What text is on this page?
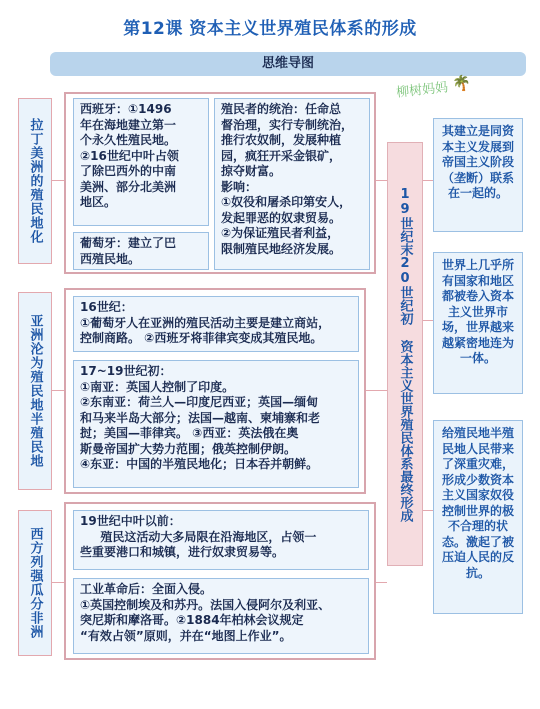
第12课 资本主义世界殖民体系的形成
思维导图
柳树妈妈 🌴
拉丁美洲的殖民地化
亚洲沦为殖民地半殖民地
西方列强瓜分非洲
西班牙：①1496
年在海地建立第一
个永久性殖民地。
②16世纪中叶占领
了除巴西外的中南
美洲、部分北美洲
地区。
葡萄牙：建立了巴
西殖民地。
殖民者的统治：任命总
督治理，实行专制统治，
推行农奴制，发展种植
园，疯狂开采金银矿，
掠夺财富。
影响：
①奴役和屠杀印第安人，
发起罪恶的奴隶贸易。
②为保证殖民者利益，
限制殖民地经济发展。
16世纪：
①葡萄牙人在亚洲的殖民活动主要是建立商站，
控制商路。 ②西班牙将菲律宾变成其殖民地。
17~19世纪初：
①南亚：英国人控制了印度。
②东南亚：荷兰人—印度尼西亚；英国—缅甸
和马来半岛大部分；法国—越南、柬埔寨和老
挝；美国—菲律宾。 ③西亚：英法俄在奥
斯曼帝国扩大势力范围；俄英控制伊朗。
④东亚：中国的半殖民地化；日本吞并朝鲜。
19世纪中叶以前：
殖民这活动大多局限在沿海地区，占领一
些重要港口和城镇，进行奴隶贸易等。
工业革命后：全面入侵。
①英国控制埃及和苏丹。法国入侵阿尔及利亚、
突尼斯和摩洛哥。②1884年柏林会议规定
“有效占领”原则，并在“地图上作业”。
19世纪末20世纪初 资本主义世界殖民体系最终形成
其建立是同资本主义发展到帝国主义阶段（垄断）联系在一起的。
世界上几乎所有国家和地区都被卷入资本主义世界市场，世界越来越紧密地连为一体。
给殖民地半殖民地人民带来了深重灾难，形成少数资本主义国家奴役控制世界的极不合理的状态。激起了被压迫人民的反抗。
